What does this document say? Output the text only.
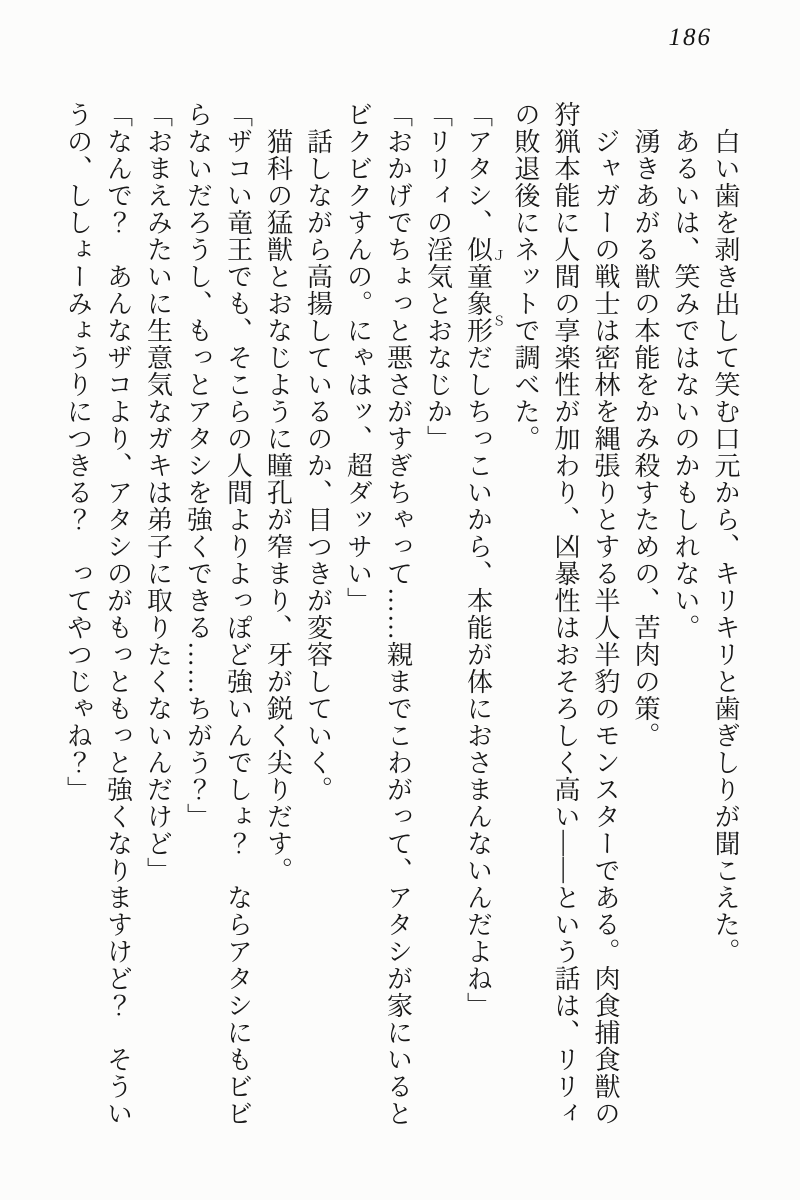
186

白い歯を剥き出して笑む口元から、キリキリと歯ぎしりが聞こえた。

あるいは、笑みではないのかもしれない。

湧きあがる獣の本能をかみ殺すための、苦肉の策。

ジャガーの戦士は密林を縄張りとする半人半豹のモンスターである。肉食捕食獣の

狩猟本能に人間の享楽性が加わり、凶暴性はおそろしく高い——という話は、リリィ

の敗退後にネットで調べた。

「アタシ、似童象形ＪＳだしちっこいから、本能が体におさまんないんだよね」

「リリィの淫気とおなじか」

「おかげでちょっと悪さがすぎちゃって……親までこわがって、アタシが家にいると

ビクビクすんの。にゃはッ、超ダッサい」

話しながら高揚しているのか、目つきが変容していく。

猫科の猛獣とおなじように瞳孔が窄まり、牙が鋭く尖りだす。

「ザコい竜王でも、そこらの人間よりよっぽど強いんでしょ？　ならアタシにもビビ

らないだろうし、もっとアタシを強くできる……ちがう？」

「おまえみたいに生意気なガキは弟子に取りたくないんだけど」

「なんで？　あんなザコより、アタシのがもっともっと強くなりますけど？　そうい

うの、ししょーみょうりにつきる？　ってやつじゃね？」
